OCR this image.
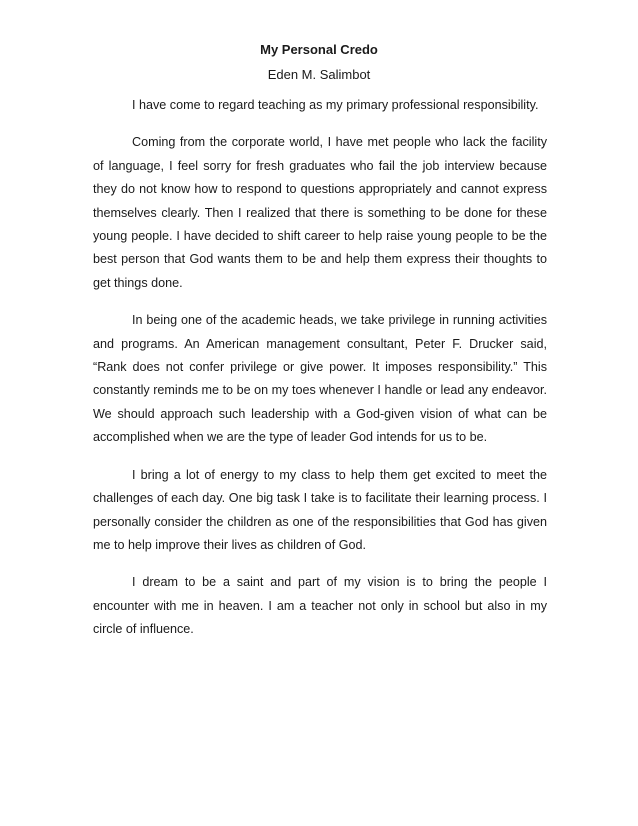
My Personal Credo
Eden M. Salimbot

I have come to regard teaching as my primary professional responsibility.

Coming from the corporate world, I have met people who lack the facility of language, I feel sorry for fresh graduates who fail the job interview because they do not know how to respond to questions appropriately and cannot express themselves clearly. Then I realized that there is something to be done for these young people. I have decided to shift career to help raise young people to be the best person that God wants them to be and help them express their thoughts to get things done.

In being one of the academic heads, we take privilege in running activities and programs. An American management consultant, Peter F. Drucker said, “Rank does not confer privilege or give power. It imposes responsibility.” This constantly reminds me to be on my toes whenever I handle or lead any endeavor. We should approach such leadership with a God-given vision of what can be accomplished when we are the type of leader God intends for us to be.

I bring a lot of energy to my class to help them get excited to meet the challenges of each day. One big task I take is to facilitate their learning process. I personally consider the children as one of the responsibilities that God has given me to help improve their lives as children of God.

I dream to be a saint and part of my vision is to bring the people I encounter with me in heaven. I am a teacher not only in school but also in my circle of influence.
